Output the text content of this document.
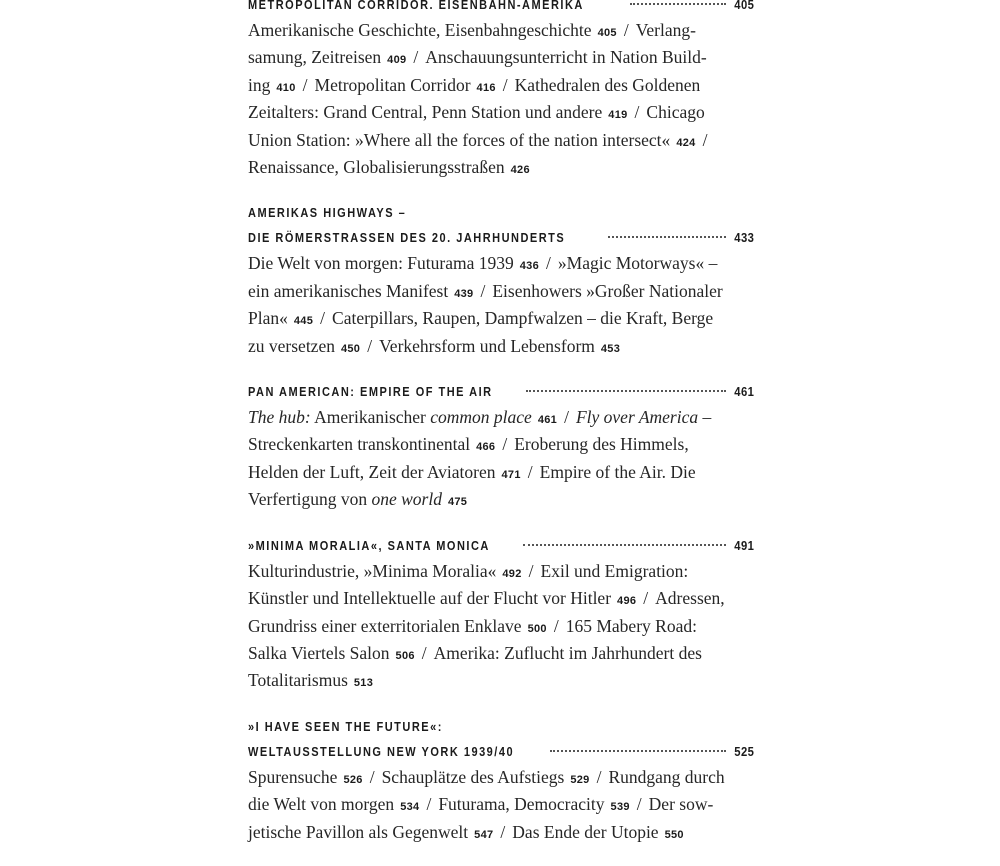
METROPOLITAN CORRIDOR. EISENBAHN-AMERIKA	405
Amerikanische Geschichte, Eisenbahngeschichte 405 / Verlang-
samung, Zeitreisen 409 / Anschauungsunterricht in Nation Build-
ing 410 / Metropolitan Corridor 416 / Kathedralen des Goldenen
Zeitalters: Grand Central, Penn Station und andere 419 / Chicago
Union Station: »Where all the forces of the nation intersect« 424 /
Renaissance, Globalisierungsstraßen 426
AMERIKAS HIGHWAYS –
DIE RÖMERSTRASSEN DES 20. JAHRHUNDERTS	433
Die Welt von morgen: Futurama 1939 436 / »Magic Motorways« –
ein amerikanisches Manifest 439 / Eisenhowers »Großer Nationaler
Plan« 445 / Caterpillars, Raupen, Dampfwalzen – die Kraft, Berge
zu versetzen 450 / Verkehrsform und Lebensform 453
PAN AMERICAN: EMPIRE OF THE AIR	461
The hub: Amerikanischer common place 461 / Fly over America –
Streckenkarten transkontinental 466 / Eroberung des Himmels,
Helden der Luft, Zeit der Aviatoren 471 / Empire of the Air. Die
Verfertigung von one world 475
»MINIMA MORALIA«, SANTA MONICA	491
Kulturindustrie, »Minima Moralia« 492 / Exil und Emigration:
Künstler und Intellektuelle auf der Flucht vor Hitler 496 / Adressen,
Grundriss einer exterritorialen Enklave 500 / 165 Mabery Road:
Salka Viertels Salon 506 / Amerika: Zuflucht im Jahrhundert des
Totalitarismus 513
»I HAVE SEEN THE FUTURE«:
WELTAUSSTELLUNG NEW YORK 1939/40	525
Spurensuche 526 / Schauplätze des Aufstiegs 529 / Rundgang durch
die Welt von morgen 534 / Futurama, Democracity 539 / Der sow-
jetische Pavillon als Gegenwelt 547 / Das Ende der Utopie 550
